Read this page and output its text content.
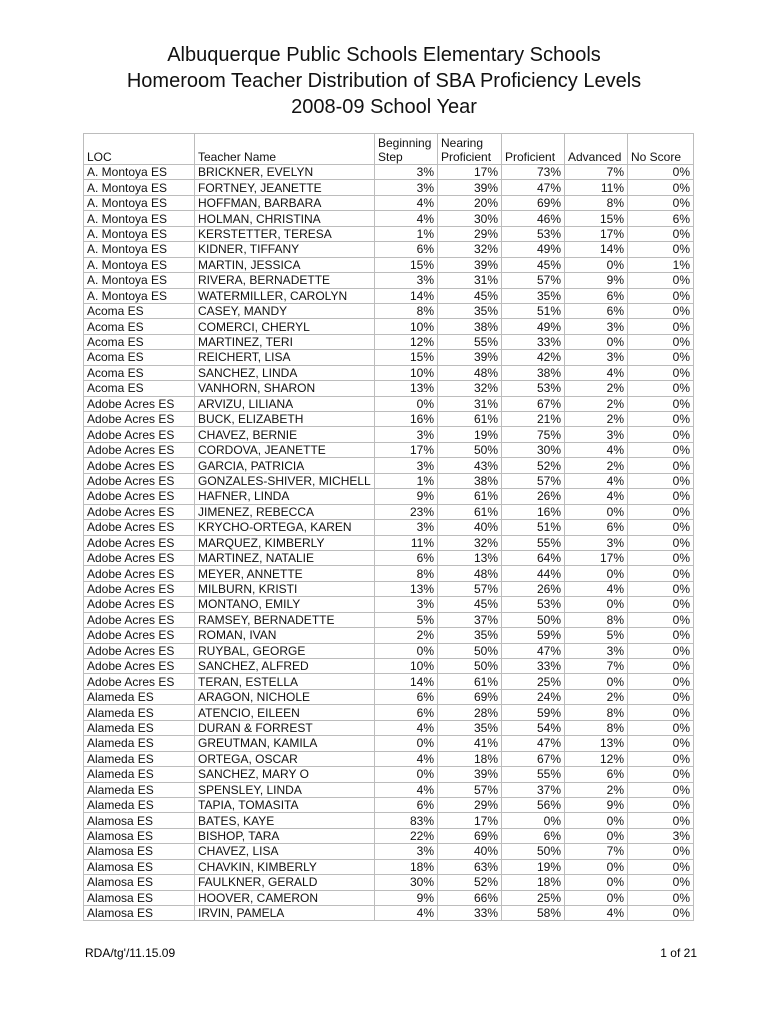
Albuquerque Public Schools Elementary Schools
Homeroom Teacher Distribution of SBA Proficiency Levels
2008-09 School Year
LOC	Teacher Name	Beginning Step	Nearing Proficient	Proficient	Advanced	No Score
A. Montoya ES	BRICKNER, EVELYN	3%	17%	73%	7%	0%
A. Montoya ES	FORTNEY, JEANETTE	3%	39%	47%	11%	0%
A. Montoya ES	HOFFMAN, BARBARA	4%	20%	69%	8%	0%
A. Montoya ES	HOLMAN, CHRISTINA	4%	30%	46%	15%	6%
A. Montoya ES	KERSTETTER, TERESA	1%	29%	53%	17%	0%
A. Montoya ES	KIDNER, TIFFANY	6%	32%	49%	14%	0%
A. Montoya ES	MARTIN, JESSICA	15%	39%	45%	0%	1%
A. Montoya ES	RIVERA, BERNADETTE	3%	31%	57%	9%	0%
A. Montoya ES	WATERMILLER, CAROLYN	14%	45%	35%	6%	0%
Acoma ES	CASEY, MANDY	8%	35%	51%	6%	0%
Acoma ES	COMERCI, CHERYL	10%	38%	49%	3%	0%
Acoma ES	MARTINEZ, TERI	12%	55%	33%	0%	0%
Acoma ES	REICHERT, LISA	15%	39%	42%	3%	0%
Acoma ES	SANCHEZ, LINDA	10%	48%	38%	4%	0%
Acoma ES	VANHORN, SHARON	13%	32%	53%	2%	0%
Adobe Acres ES	ARVIZU, LILIANA	0%	31%	67%	2%	0%
Adobe Acres ES	BUCK, ELIZABETH	16%	61%	21%	2%	0%
Adobe Acres ES	CHAVEZ, BERNIE	3%	19%	75%	3%	0%
Adobe Acres ES	CORDOVA, JEANETTE	17%	50%	30%	4%	0%
Adobe Acres ES	GARCIA, PATRICIA	3%	43%	52%	2%	0%
Adobe Acres ES	GONZALES-SHIVER, MICHELL	1%	38%	57%	4%	0%
Adobe Acres ES	HAFNER, LINDA	9%	61%	26%	4%	0%
Adobe Acres ES	JIMENEZ, REBECCA	23%	61%	16%	0%	0%
Adobe Acres ES	KRYCHO-ORTEGA, KAREN	3%	40%	51%	6%	0%
Adobe Acres ES	MARQUEZ, KIMBERLY	11%	32%	55%	3%	0%
Adobe Acres ES	MARTINEZ, NATALIE	6%	13%	64%	17%	0%
Adobe Acres ES	MEYER, ANNETTE	8%	48%	44%	0%	0%
Adobe Acres ES	MILBURN, KRISTI	13%	57%	26%	4%	0%
Adobe Acres ES	MONTANO, EMILY	3%	45%	53%	0%	0%
Adobe Acres ES	RAMSEY, BERNADETTE	5%	37%	50%	8%	0%
Adobe Acres ES	ROMAN, IVAN	2%	35%	59%	5%	0%
Adobe Acres ES	RUYBAL, GEORGE	0%	50%	47%	3%	0%
Adobe Acres ES	SANCHEZ, ALFRED	10%	50%	33%	7%	0%
Adobe Acres ES	TERAN, ESTELLA	14%	61%	25%	0%	0%
Alameda ES	ARAGON, NICHOLE	6%	69%	24%	2%	0%
Alameda ES	ATENCIO, EILEEN	6%	28%	59%	8%	0%
Alameda ES	DURAN & FORREST	4%	35%	54%	8%	0%
Alameda ES	GREUTMAN, KAMILA	0%	41%	47%	13%	0%
Alameda ES	ORTEGA, OSCAR	4%	18%	67%	12%	0%
Alameda ES	SANCHEZ, MARY O	0%	39%	55%	6%	0%
Alameda ES	SPENSLEY, LINDA	4%	57%	37%	2%	0%
Alameda ES	TAPIA, TOMASITA	6%	29%	56%	9%	0%
Alamosa ES	BATES, KAYE	83%	17%	0%	0%	0%
Alamosa ES	BISHOP, TARA	22%	69%	6%	0%	3%
Alamosa ES	CHAVEZ, LISA	3%	40%	50%	7%	0%
Alamosa ES	CHAVKIN, KIMBERLY	18%	63%	19%	0%	0%
Alamosa ES	FAULKNER, GERALD	30%	52%	18%	0%	0%
Alamosa ES	HOOVER, CAMERON	9%	66%	25%	0%	0%
Alamosa ES	IRVIN, PAMELA	4%	33%	58%	4%	0%
RDA/tg'/11.15.09	1 of 21
